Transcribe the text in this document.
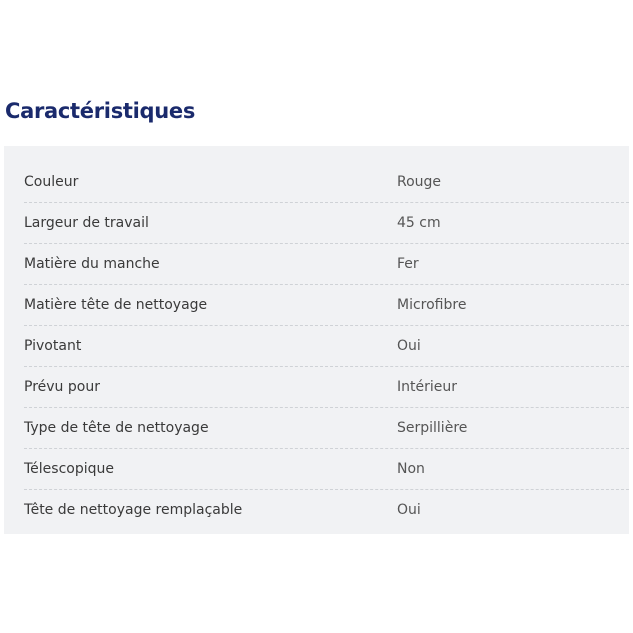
Caractéristiques
Couleur	Rouge
Largeur de travail	45 cm
Matière du manche	Fer
Matière tête de nettoyage	Microfibre
Pivotant	Oui
Prévu pour	Intérieur
Type de tête de nettoyage	Serpillière
Télescopique	Non
Tête de nettoyage remplaçable	Oui
